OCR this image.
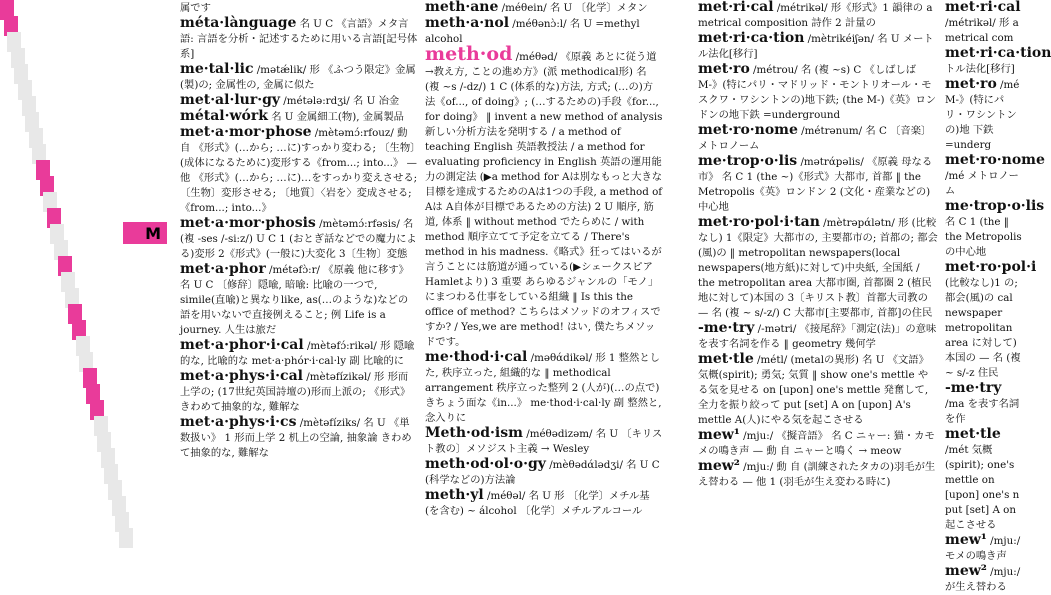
M

属です

méta·lànguage 名 U C 《言語》メタ言語: 言語を分析・記述するために用いる言語[記号体系]

me·tal·lic /mətǽlik/ 形 《ふつう限定》金属(製)の; 金属性の, 金属に似た

met·al·lur·gy /métələ:rdʒi/ 名 U 冶金

métal·wórk 名 U 金属細工(物), 金属製品

met·a·mor·phose /mètəmɔ́:rfouz/ 動 自 《形式》(…から; …に)すっかり変わる; 〔生物〕(成体になるために)変形する《from...; into...》 — 他 《形式》(…から; …に)…をすっかり変えさせる; 〔生物〕変形させる; 〔地質〕〈岩を〉変成させる; 《from...; into...》

met·a·mor·phosis /mètəmɔ́:rfəsis/ 名 (複 -ses /-si:z/) U C 1 (おとぎ話などでの魔力による)変形 2《形式》(一般に)大変化 3〔生物〕変態

met·a·phor /métəfɔ̀:r/ 《原義 他に移す》 名 U C 〔修辞〕隠喩, 暗喩: 比喩の一つで, simile(直喩)と異なりlike, as(…のような)などの語を用いないで直接例えること; 例 Life is a journey. 人生は旅だ

met·a·phor·i·cal /mètəfɔ́:rikəl/ 形 隠喩的な, 比喩的な met·a·phór·i·cal·ly 副 比喩的に

met·a·phys·i·cal /mètəfízikəl/ 形 形而上学の; (17世紀英国詩壇の)形而上派の; 《形式》きわめて抽象的な, 難解な

met·a·phys·i·cs /mètəfíziks/ 名 U 《単数扱い》 1 形而上学 2 机上の空論, 抽象論 きわめて抽象的な, 難解な

meth·ane /méθein/ 名 U 〔化学〕メタン

meth·a·nol /méθənɔ̀:l/ 名 U =methyl alcohol

meth·od /méθəd/ 《原義 あとに従う道→教え方, ことの進め方》(派 methodical形) 名 (複 ~s /-dz/) 1 C (体系的な)方法, 方式; (…の)方法《of..., of doing》; (…するための)手段《for..., for doing》 ‖ invent a new method of analysis 新しい分析方法を発明する / a method of teaching English 英語教授法 / a method for evaluating proficiency in English 英語の運用能力の測定法 (▶a method for Aは別なもっと大きな目標を達成するためのAは1つの手段, a method of Aは A自体が目標であるための方法) 2 U 順序, 筋道, 体系 ‖ without method でたらめに / with method 順序立てて予定を立てる / There's method in his madness.《略式》狂ってはいるが言うことには筋道が通っている(▶シェークスピア Hamletより) 3 重要 あらゆるジャンルの「モノ」にまつわる仕事をしている組織 ‖ Is this the office of method? こちらはメソッドのオフィスですか? / Yes,we are method! はい, 僕たちメソッドです。

me·thod·i·cal /məθάdikəl/ 形 1 整然とした, 秩序立った, 組織的な ‖ methodical arrangement 秩序立った整列 2 (人が)(…の点で)きちょう面な《in...》 me·thod·i·cal·ly 副 整然と, 念入りに

Meth·od·ism /méθədizəm/ 名 U 〔キリスト教の〕メソジスト主義 → Wesley

meth·od·ol·o·gy /mèθədάlədʒi/ 名 U C (科学などの)方法論

meth·yl /méθəl/ 名 U 形 〔化学〕メチル基(を含む) ~ álcohol 〔化学〕メチルアルコール

met·ri·cal /métrikəl/ 形《形式》1 韻律の a metrical composition 詩作 2 計量の

met·ri·ca·tion /mètrikéiʃən/ 名 U メートル法化[移行]

met·ro /métrou/ 名 (複 ~s) C 《しばしば M-》(特にパリ・マドリッド・モントリオール・モスクワ・ワシントンの)地下鉄; (the M-)《英》ロンドンの地下鉄 =underground

met·ro·nome /métrənum/ 名 C 〔音楽〕メトロノーム

me·trop·o·lis /mətrάpəlis/ 《原義 母なる市》 名 C 1 (the ~)《形式》大都市, 首都 ‖ the Metropolis《英》ロンドン 2 (文化・産業などの)中心地

met·ro·pol·i·tan /mètrəpάlətn/ 形 (比較なし) 1《限定》大都市の, 主要都市の; 首都の; 都会(風)の ‖ metropolitan newspapers(local newspapers(地方紙)に対して)中央紙, 全国紙 / the metropolitan area 大都市圏, 首都圏 2 (植民地に対して)本国の 3〔キリスト教〕首都大司教の — 名 (複 ~ s/-z/) C 大都市[主要都市, 首都]の住民

-me·try /-mətri/ 《接尾辞》「測定(法)」の意味を表す名詞を作る ‖ geometry 幾何学

met·tle /métl/ (metalの異形) 名 U 《文語》気概(spirit); 勇気; 気質 ‖ show one's mettle やる気を見せる on [upon] one's mettle 発奮して, 全力を振り絞って put [set] A on [upon] A's mettle A(人)にやる気を起こさせる

mew¹ /mju:/ 《擬音語》 名 C ニャー: 猫・カモメの鳴き声 — 動 自 ニャーと鳴く → meow

mew² /mju:/ 動 自 (訓練されたタカの)羽毛が生え替わる — 他 1 (羽毛が生え変わる時に)

met·ri·cal /métrikəl/ 形 a metrical com

met·ri·ca·tion トル法化[移行]

met·ro /mé M-》(特にパリ・ワシントンの)地 下鉄 =underg

met·ro·nome /mé メトロノーム

me·trop·o·lis 名 C 1 (the ‖ the Metropolis の中心地

met·ro·pol·i (比較なし)1 の; 都会(風)の cal newspaper metropolitan area に対して)本国の — 名 (複 ~ s/-z 住民

-me·try /ma を表す名詞を作

met·tle /mét 気概(spirit); one's mettle on [upon] one's n put [set] A on 起こさせる

mew¹ /mju:/ モメの鳴き声

mew² /mju:/ が生え替わる
